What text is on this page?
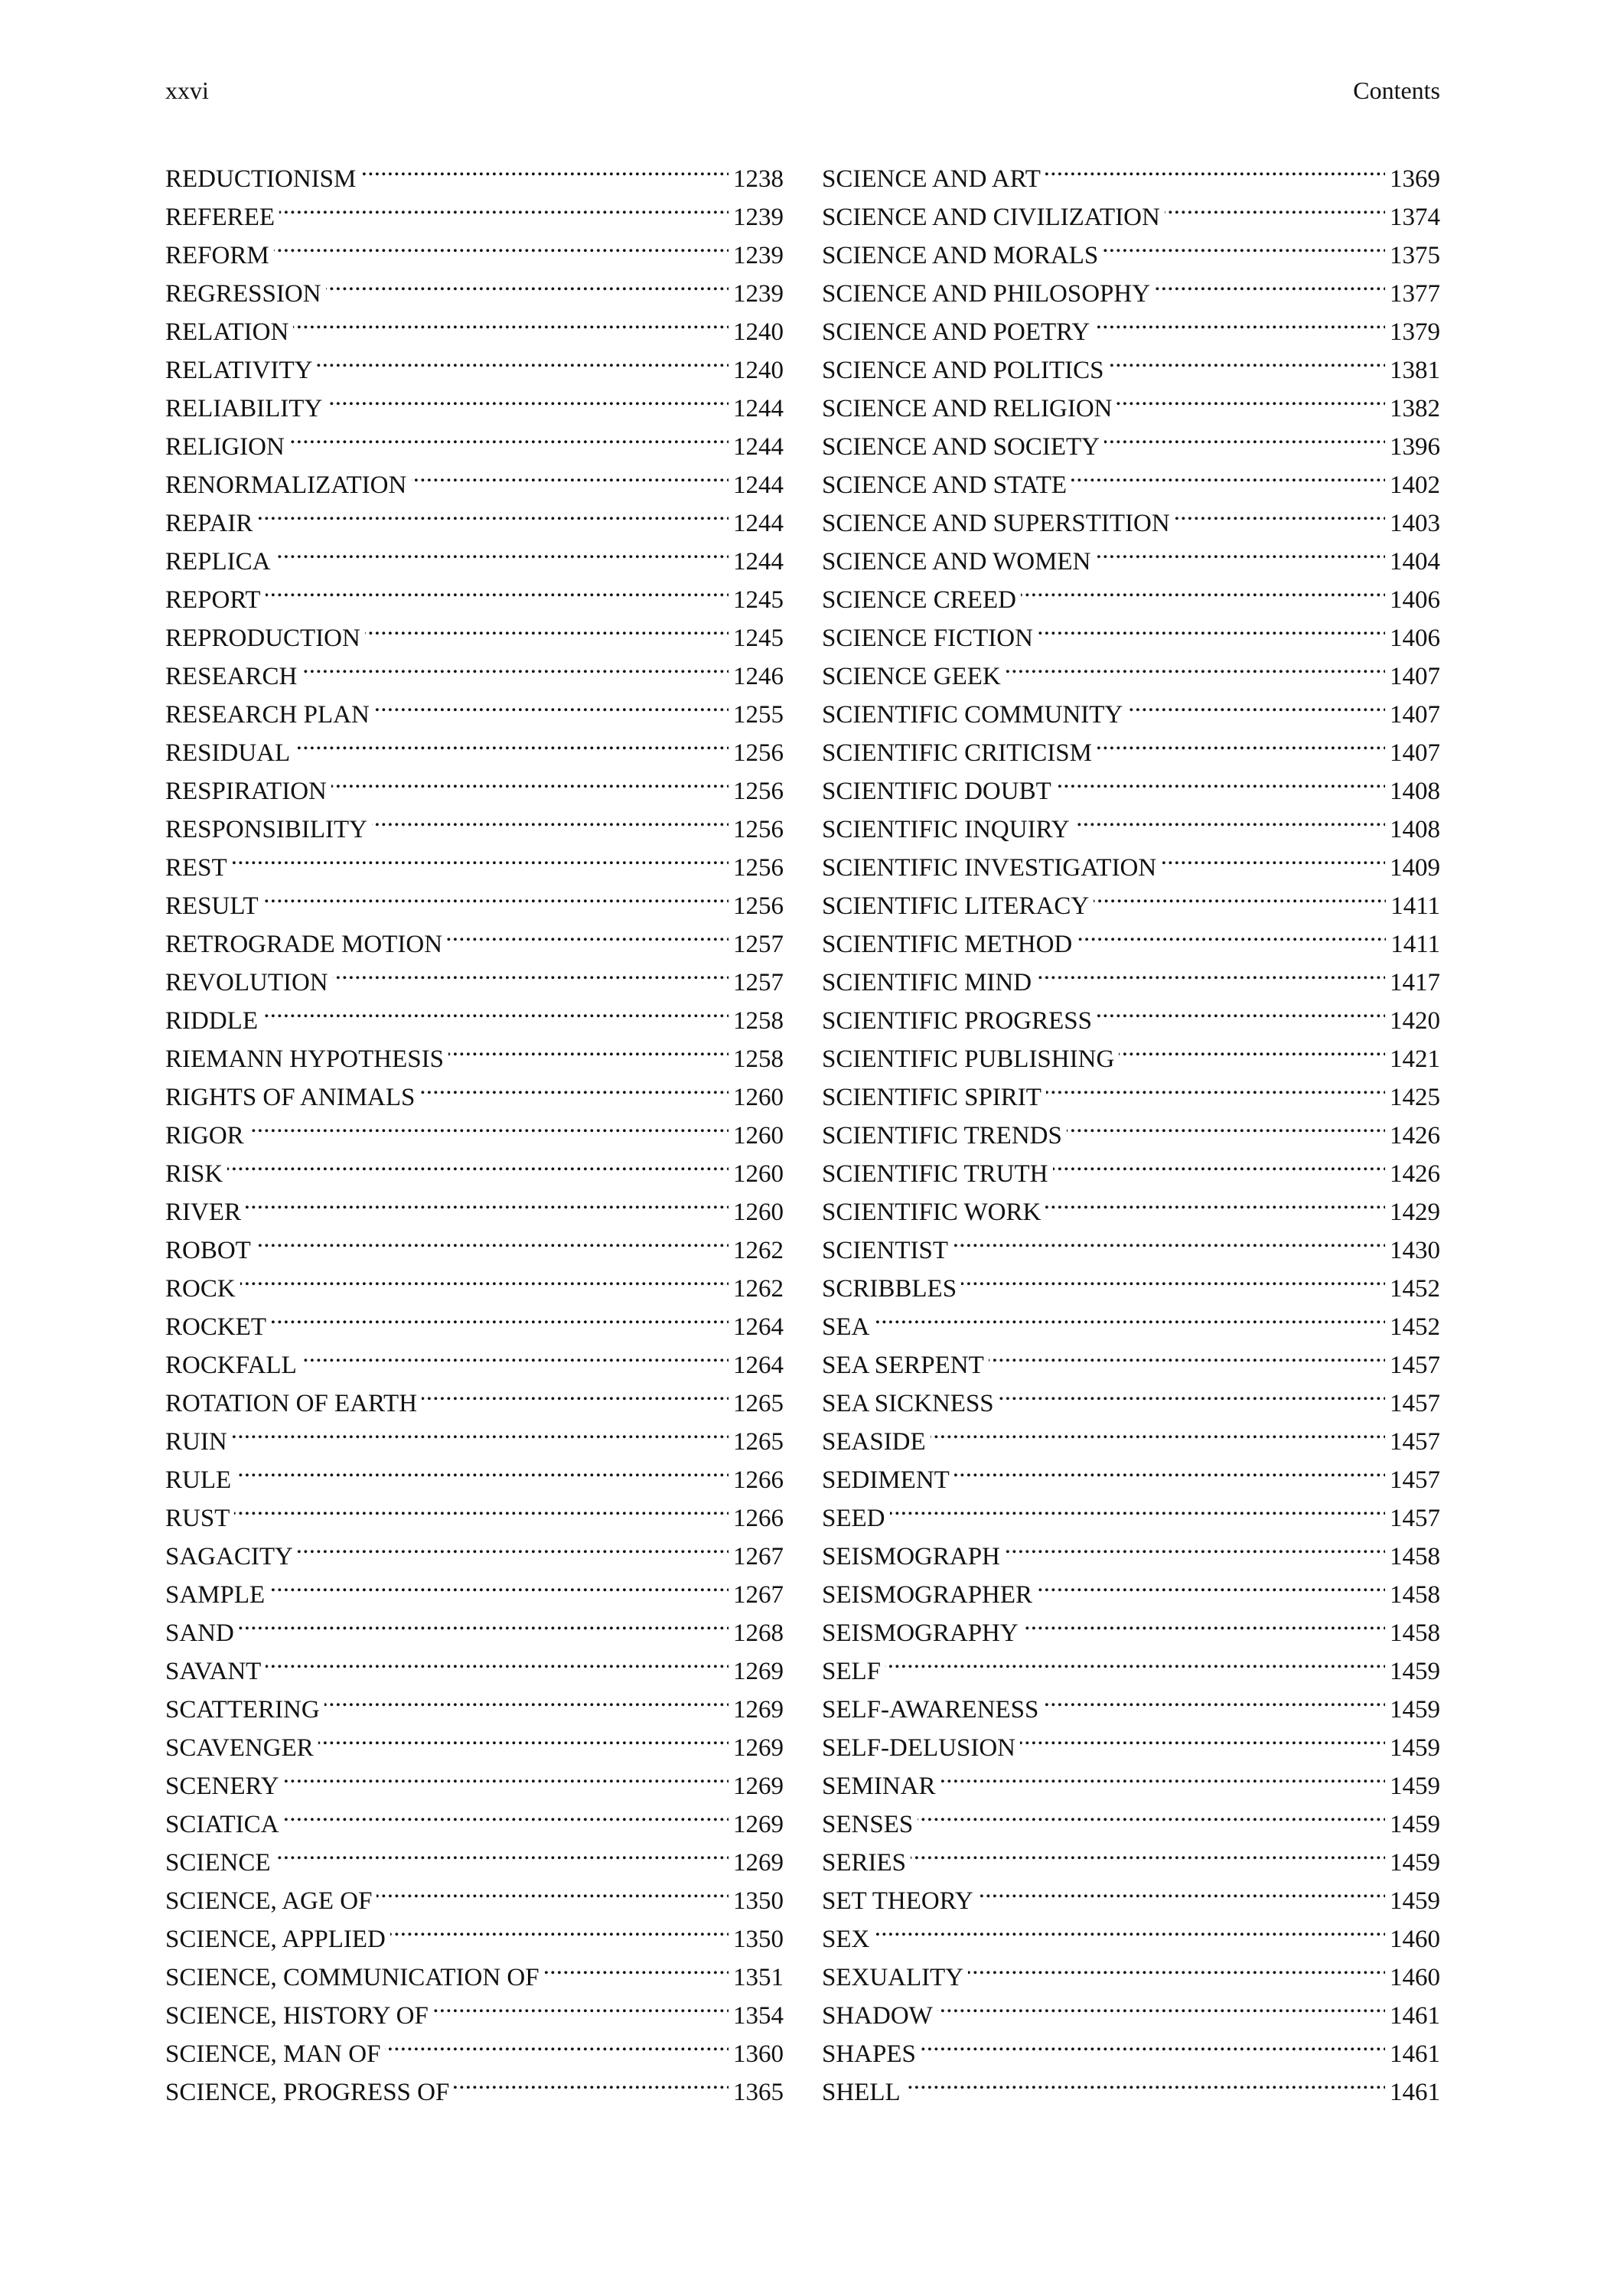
xxvi	Contents
REDUCTIONISM . . .	1238
REFEREE . . .	1239
REFORM . . .	1239
REGRESSION . . .	1239
RELATION . . .	1240
RELATIVITY . . .	1240
RELIABILITY . . .	1244
RELIGION . . .	1244
RENORMALIZATION . . .	1244
REPAIR . . .	1244
REPLICA . . .	1244
REPORT . . .	1245
REPRODUCTION . . .	1245
RESEARCH . . .	1246
RESEARCH PLAN . . .	1255
RESIDUAL . . .	1256
RESPIRATION . . .	1256
RESPONSIBILITY . . .	1256
REST . . .	1256
RESULT . . .	1256
RETROGRADE MOTION . . .	1257
REVOLUTION . . .	1257
RIDDLE . . .	1258
RIEMANN HYPOTHESIS . . .	1258
RIGHTS OF ANIMALS . . .	1260
RIGOR . . .	1260
RISK . . .	1260
RIVER . . .	1260
ROBOT . . .	1262
ROCK . . .	1262
ROCKET . . .	1264
ROCKFALL . . .	1264
ROTATION OF EARTH . . .	1265
RUIN . . .	1265
RULE . . .	1266
RUST . . .	1266
SAGACITY . . .	1267
SAMPLE . . .	1267
SAND . . .	1268
SAVANT . . .	1269
SCATTERING . . .	1269
SCAVENGER . . .	1269
SCENERY . . .	1269
SCIATICA . . .	1269
SCIENCE . . .	1269
SCIENCE, AGE OF . . .	1350
SCIENCE, APPLIED . . .	1350
SCIENCE, COMMUNICATION OF . . .	1351
SCIENCE, HISTORY OF . . .	1354
SCIENCE, MAN OF . . .	1360
SCIENCE, PROGRESS OF . . .	1365
SCIENCE AND ART . . .	1369
SCIENCE AND CIVILIZATION . . .	1374
SCIENCE AND MORALS . . .	1375
SCIENCE AND PHILOSOPHY . . .	1377
SCIENCE AND POETRY . . .	1379
SCIENCE AND POLITICS . . .	1381
SCIENCE AND RELIGION . . .	1382
SCIENCE AND SOCIETY . . .	1396
SCIENCE AND STATE . . .	1402
SCIENCE AND SUPERSTITION . . .	1403
SCIENCE AND WOMEN . . .	1404
SCIENCE CREED . . .	1406
SCIENCE FICTION . . .	1406
SCIENCE GEEK . . .	1407
SCIENTIFIC COMMUNITY . . .	1407
SCIENTIFIC CRITICISM . . .	1407
SCIENTIFIC DOUBT . . .	1408
SCIENTIFIC INQUIRY . . .	1408
SCIENTIFIC INVESTIGATION . . .	1409
SCIENTIFIC LITERACY . . .	1411
SCIENTIFIC METHOD . . .	1411
SCIENTIFIC MIND . . .	1417
SCIENTIFIC PROGRESS . . .	1420
SCIENTIFIC PUBLISHING . . .	1421
SCIENTIFIC SPIRIT . . .	1425
SCIENTIFIC TRENDS . . .	1426
SCIENTIFIC TRUTH . . .	1426
SCIENTIFIC WORK . . .	1429
SCIENTIST . . .	1430
SCRIBBLES . . .	1452
SEA . . .	1452
SEA SERPENT . . .	1457
SEA SICKNESS . . .	1457
SEASIDE . . .	1457
SEDIMENT . . .	1457
SEED . . .	1457
SEISMOGRAPH . . .	1458
SEISMOGRAPHER . . .	1458
SEISMOGRAPHY . . .	1458
SELF . . .	1459
SELF-AWARENESS . . .	1459
SELF-DELUSION . . .	1459
SEMINAR . . .	1459
SENSES . . .	1459
SERIES . . .	1459
SET THEORY . . .	1459
SEX . . .	1460
SEXUALITY . . .	1460
SHADOW . . .	1461
SHAPES . . .	1461
SHELL . . .	1461
